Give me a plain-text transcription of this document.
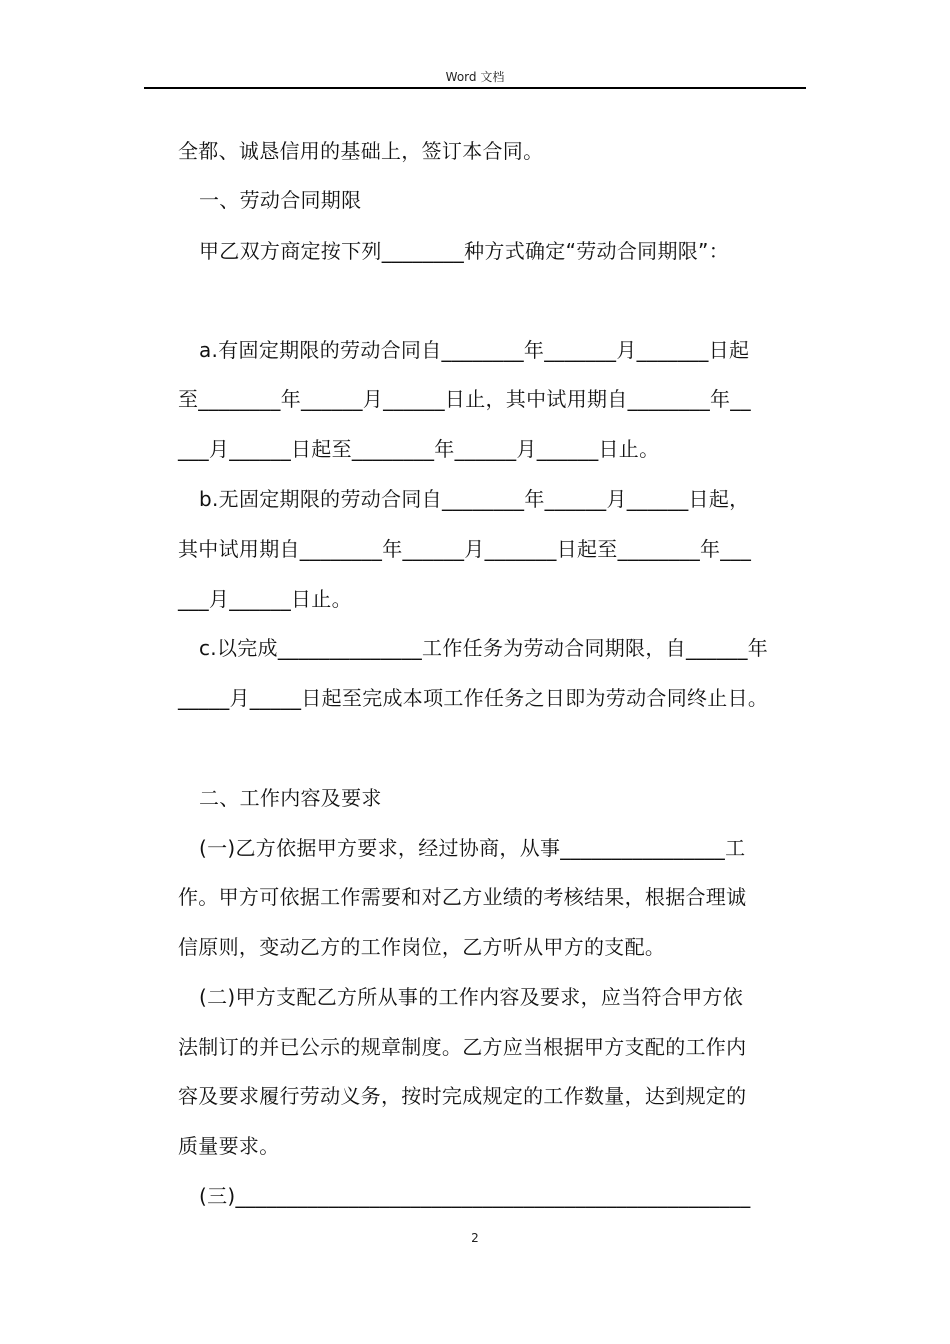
Word 文档
全都、诚恳信用的基础上，签订本合同。
一、劳动合同期限
甲乙双方商定按下列________种方式确定“劳动合同期限”：
a.有固定期限的劳动合同自________年_______月_______日起
至________年______月______日止，其中试用期自________年__
___月______日起至________年______月______日止。
b.无固定期限的劳动合同自________年______月______日起，
其中试用期自________年______月_______日起至________年___
___月______日止。
c.以完成______________工作任务为劳动合同期限，自______年
_____月_____日起至完成本项工作任务之日即为劳动合同终止日。
二、工作内容及要求
(一)乙方依据甲方要求，经过协商，从事________________工
作。甲方可依据工作需要和对乙方业绩的考核结果，根据合理诚
信原则，变动乙方的工作岗位，乙方听从甲方的支配。
(二)甲方支配乙方所从事的工作内容及要求，应当符合甲方依
法制订的并已公示的规章制度。乙方应当根据甲方支配的工作内
容及要求履行劳动义务，按时完成规定的工作数量，达到规定的
质量要求。
(三)__________________________________________________
2
